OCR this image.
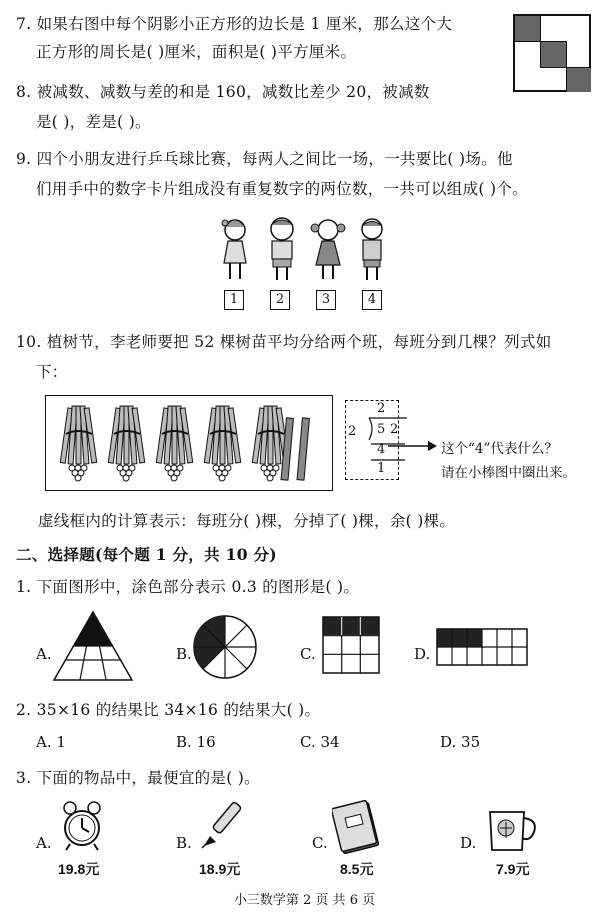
7. 如果右图中每个阴影小正方形的边长是 1 厘米，那么这个大
正方形的周长是( )厘米，面积是( )平方厘米。
8. 被减数、减数与差的和是 160，减数比差少 20，被减数
是( )，差是( )。
9. 四个小朋友进行乒乓球比赛，每两人之间比一场，一共要比( )场。他
们用手中的数字卡片组成没有重复数字的两位数，一共可以组成( )个。
1	2	3	4
10. 植树节，李老师要把 52 棵树苗平均分给两个班，每班分到几棵？列式如
下：
2
2 5 2
4
1
这个“4”代表什么？
请在小棒图中圈出来。
虚线框内的计算表示：每班分( )棵，分掉了( )棵，余( )棵。
二、选择题(每个题 1 分，共 10 分)
1. 下面图形中，涂色部分表示 0.3 的图形是( )。
A.	B.	C.	D.
2. 35×16 的结果比 34×16 的结果大( )。
A. 1	B. 16	C. 34	D. 35
3. 下面的物品中，最便宜的是( )。
A.
19.8元
B.
18.9元
C.
8.5元
D.
7.9元
小三数学第 2 页 共 6 页
